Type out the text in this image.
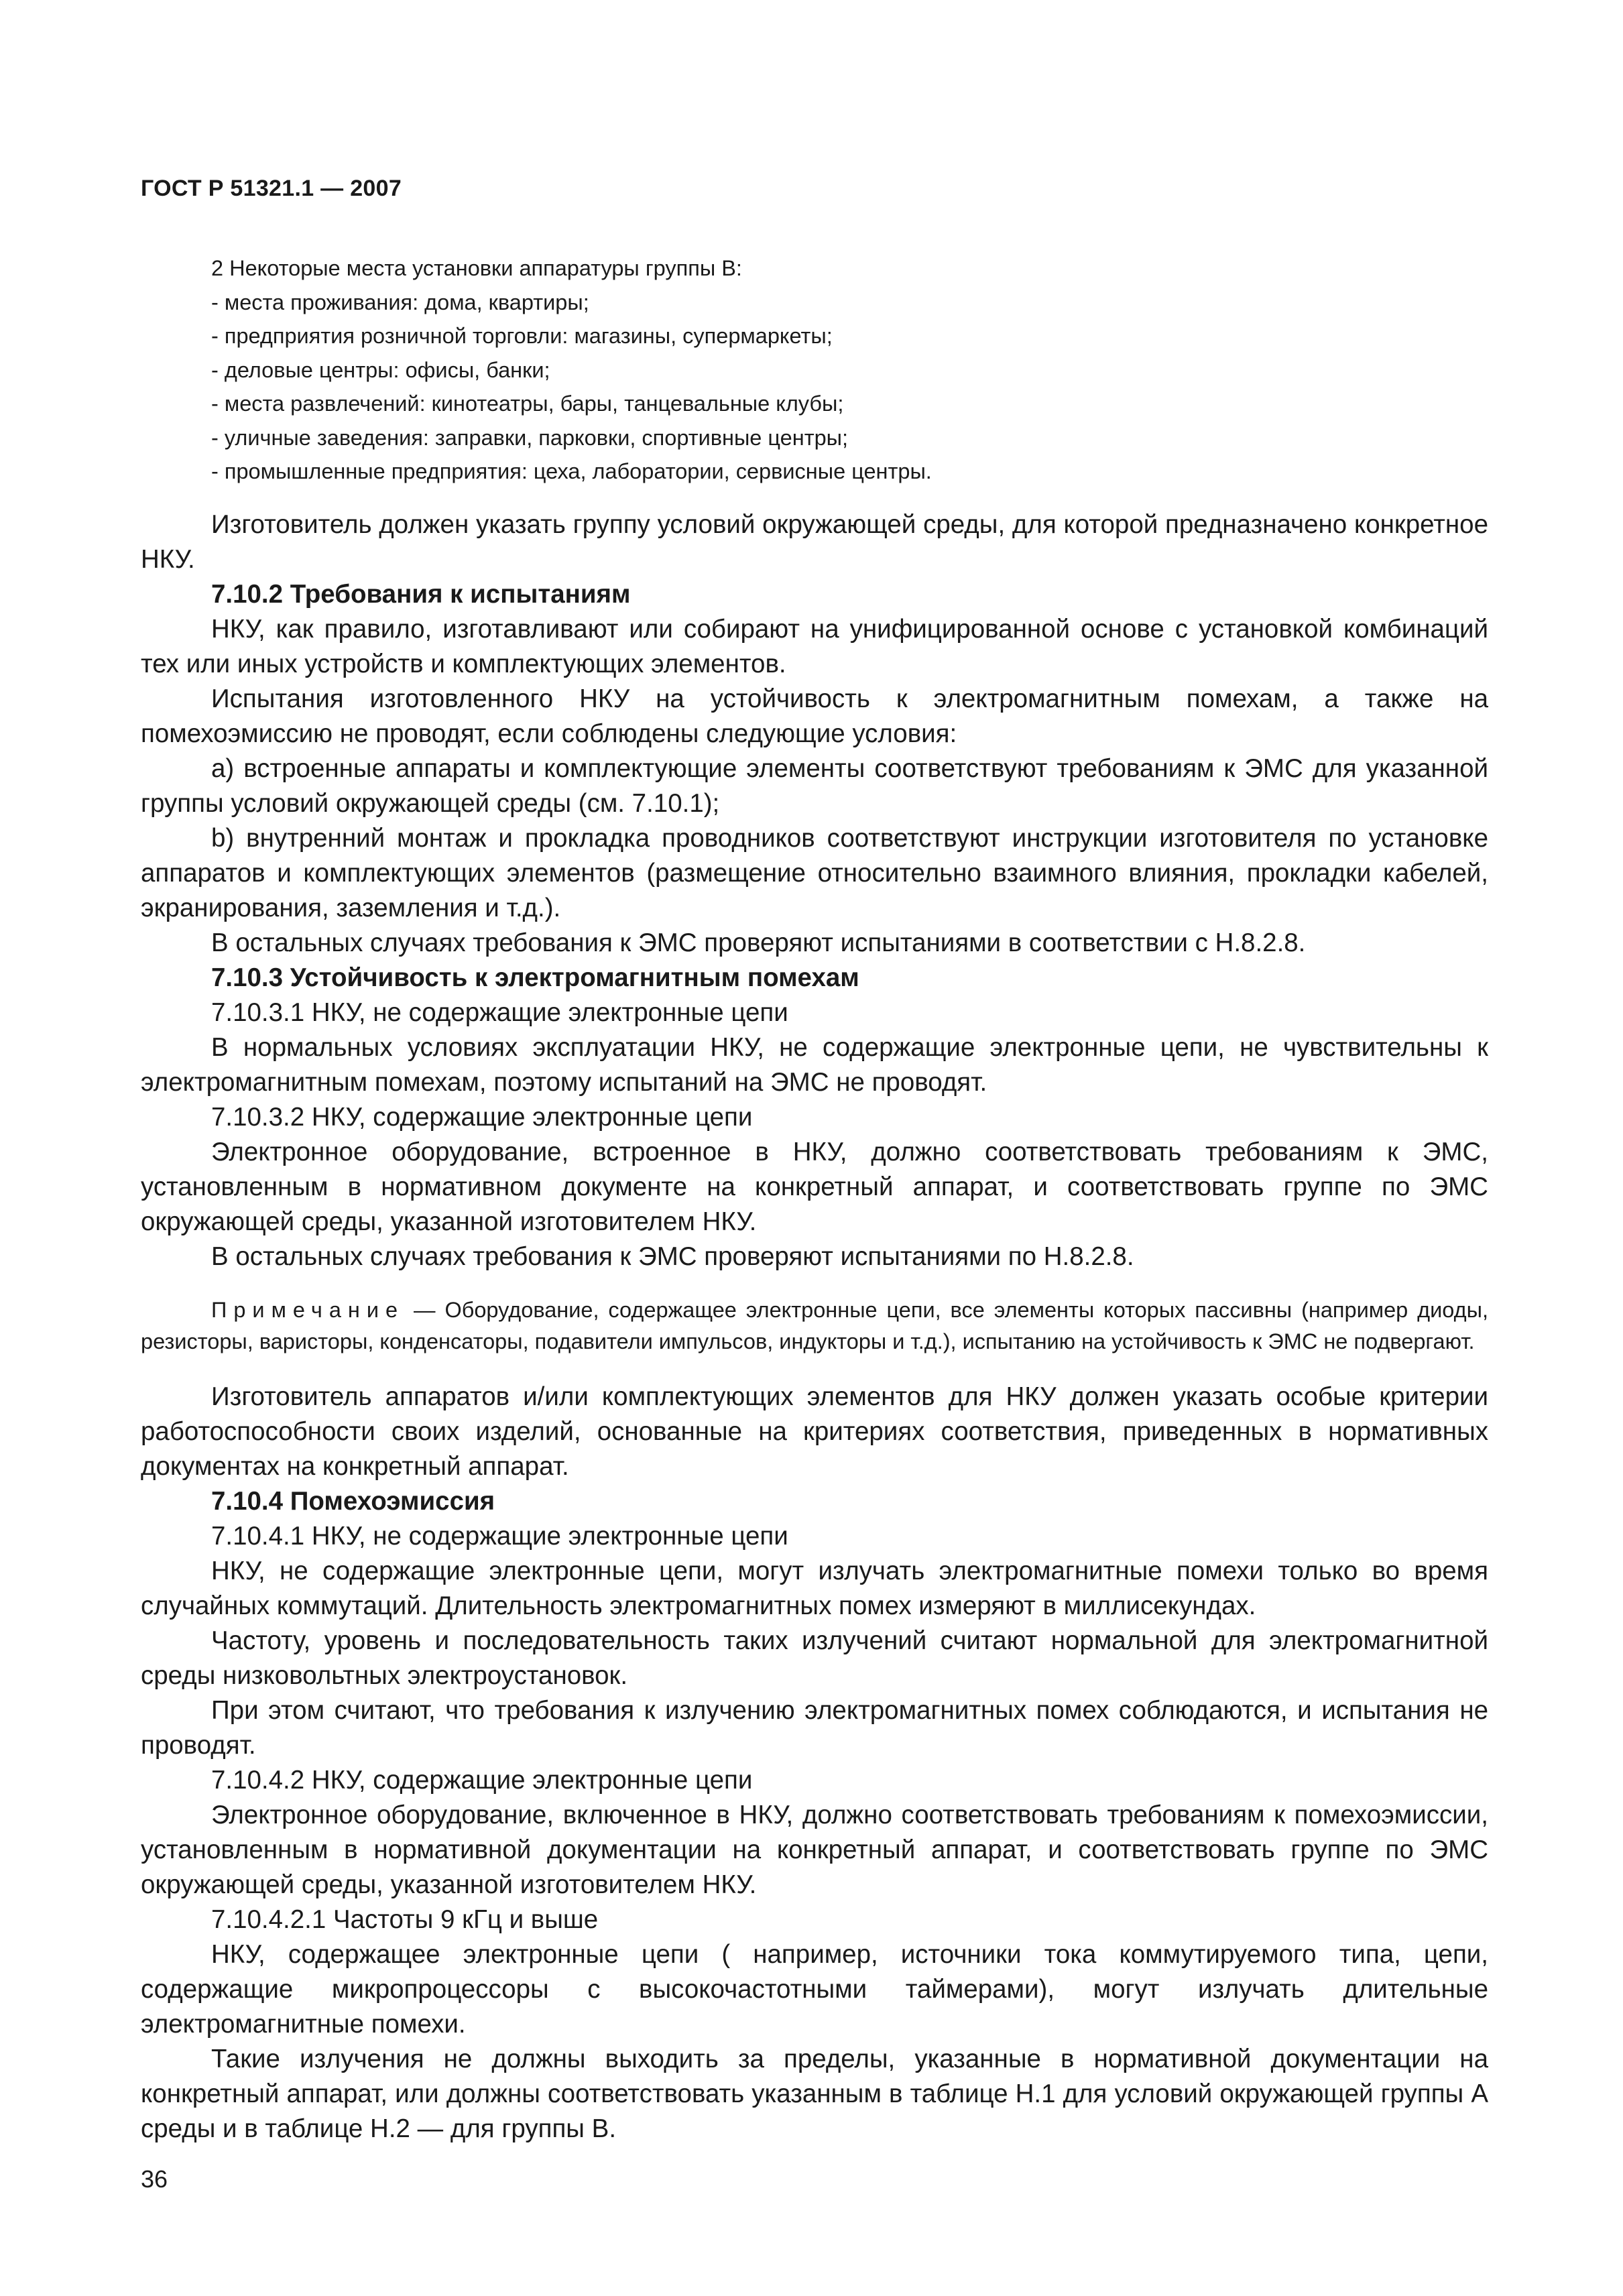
ГОСТ Р 51321.1 — 2007
2 Некоторые места установки аппаратуры группы В:
- места проживания: дома, квартиры;
- предприятия розничной торговли: магазины, супермаркеты;
- деловые центры: офисы, банки;
- места развлечений: кинотеатры, бары, танцевальные клубы;
- уличные заведения: заправки, парковки, спортивные центры;
- промышленные предприятия: цеха, лаборатории, сервисные центры.

Изготовитель должен указать группу условий окружающей среды, для которой предназначено конкретное НКУ.

7.10.2 Требования к испытаниям

НКУ, как правило, изготавливают или собирают на унифицированной основе с установкой комбинаций тех или иных устройств и комплектующих элементов.

Испытания изготовленного НКУ на устойчивость к электромагнитным помехам, а также на помехоэмиссию не проводят, если соблюдены следующие условия:

a) встроенные аппараты и комплектующие элементы соответствуют требованиям к ЭМС для указанной группы условий окружающей среды (см. 7.10.1);

b) внутренний монтаж и прокладка проводников соответствуют инструкции изготовителя по установке аппаратов и комплектующих элементов (размещение относительно взаимного влияния, прокладки кабелей, экранирования, заземления и т.д.).

В остальных случаях требования к ЭМС проверяют испытаниями в соответствии с Н.8.2.8.

7.10.3 Устойчивость к электромагнитным помехам

7.10.3.1 НКУ, не содержащие электронные цепи

В нормальных условиях эксплуатации НКУ, не содержащие электронные цепи, не чувствительны к электромагнитным помехам, поэтому испытаний на ЭМС не проводят.

7.10.3.2 НКУ, содержащие электронные цепи

Электронное оборудование, встроенное в НКУ, должно соответствовать требованиям к ЭМС, установленным в нормативном документе на конкретный аппарат, и соответствовать группе по ЭМС окружающей среды, указанной изготовителем НКУ.

В остальных случаях требования к ЭМС проверяют испытаниями по Н.8.2.8.

Примечание — Оборудование, содержащее электронные цепи, все элементы которых пассивны (например диоды, резисторы, варисторы, конденсаторы, подавители импульсов, индукторы и т.д.), испытанию на устойчивость к ЭМС не подвергают.

Изготовитель аппаратов и/или комплектующих элементов для НКУ должен указать особые критерии работоспособности своих изделий, основанные на критериях соответствия, приведенных в нормативных документах на конкретный аппарат.

7.10.4 Помехоэмиссия

7.10.4.1 НКУ, не содержащие электронные цепи

НКУ, не содержащие электронные цепи, могут излучать электромагнитные помехи только во время случайных коммутаций. Длительность электромагнитных помех измеряют в миллисекундах.

Частоту, уровень и последовательность таких излучений считают нормальной для электромагнитной среды низковольтных электроустановок.

При этом считают, что требования к излучению электромагнитных помех соблюдаются, и испытания не проводят.

7.10.4.2 НКУ, содержащие электронные цепи

Электронное оборудование, включенное в НКУ, должно соответствовать требованиям к помехоэмиссии, установленным в нормативной документации на конкретный аппарат, и соответствовать группе по ЭМС окружающей среды, указанной изготовителем НКУ.

7.10.4.2.1 Частоты 9 кГц и выше

НКУ, содержащее электронные цепи ( например, источники тока коммутируемого типа, цепи, содержащие микропроцессоры с высокочастотными таймерами), могут излучать длительные электромагнитные помехи.

Такие излучения не должны выходить за пределы, указанные в нормативной документации на конкретный аппарат, или должны соответствовать указанным в таблице Н.1 для условий окружающей группы А среды и в таблице Н.2 — для группы В.

36
